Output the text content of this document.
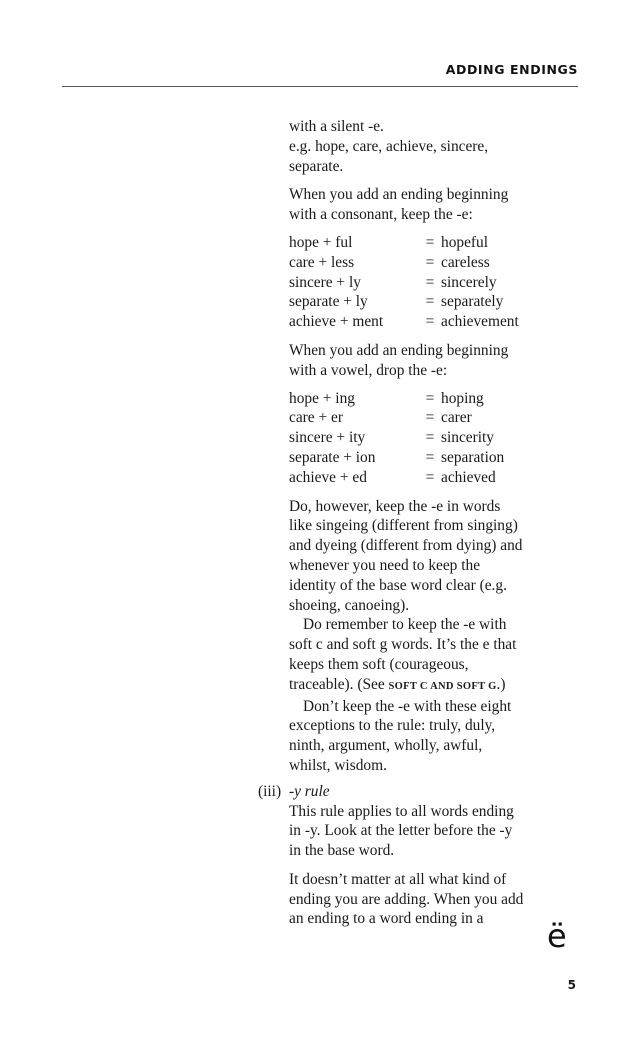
ADDING ENDINGS

with a silent -e.

e.g. hope, care, achieve, sincere,

separate.

When you add an ending beginning

with a consonant, keep the -e:

hope + ful	= hopeful
care + less	= careless
sincere + ly	= sincerely
separate + ly	= separately
achieve + ment	= achievement

When you add an ending beginning

with a vowel, drop the -e:

hope + ing	= hoping
care + er	= carer
sincere + ity	= sincerity
separate + ion	= separation
achieve + ed	= achieved

Do, however, keep the -e in words

like singeing (different from singing)

and dyeing (different from dying) and

whenever you need to keep the

identity of the base word clear (e.g.

shoeing, canoeing).

Do remember to keep the -e with

soft c and soft g words. It’s the e that

keeps them soft (courageous,

traceable). (See SOFT C AND SOFT G.)

Don’t keep the -e with these eight

exceptions to the rule: truly, duly,

ninth, argument, wholly, awful,

whilst, wisdom.

(iii) -y rule

This rule applies to all words ending

in -y. Look at the letter before the -y

in the base word.

It doesn’t matter at all what kind of

ending you are adding. When you add

an ending to a word ending in a	ë
5
